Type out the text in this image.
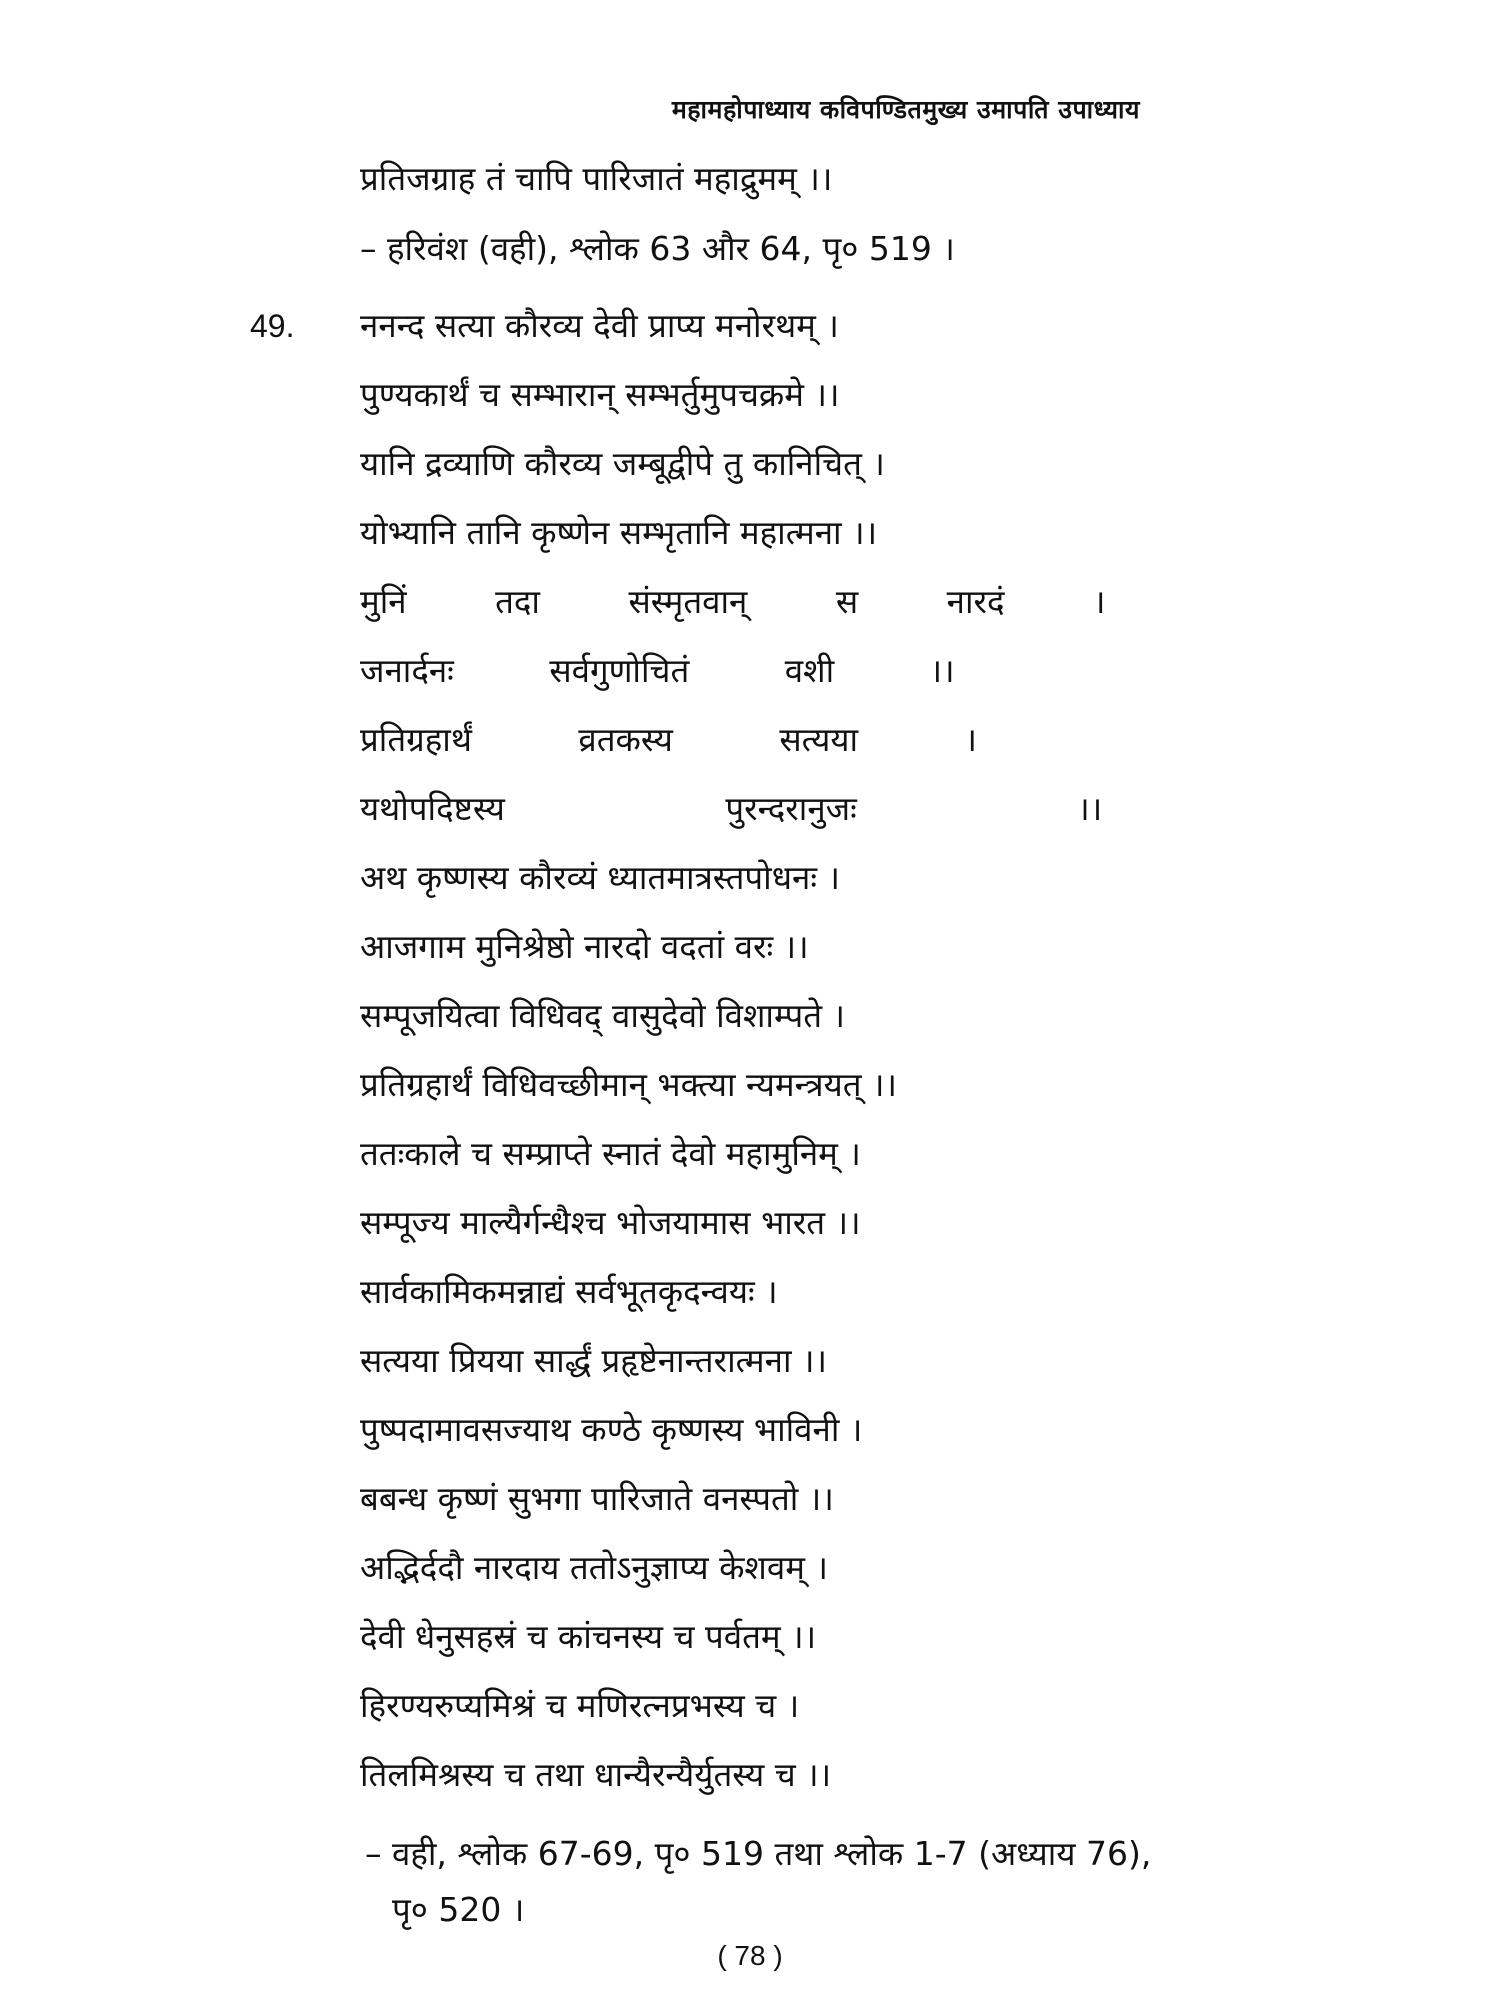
महामहोपाध्याय कविपण्डितमुख्य उमापति उपाध्याय
प्रतिजग्राह तं चापि पारिजातं महाद्रुमम् ।।
– हरिवंश (वही), श्लोक 63 और 64, पृ० 519 ।
49. ननन्द सत्या कौरव्य देवी प्राप्य मनोरथम् ।
पुण्यकार्थं च सम्भारान् सम्भर्तुमुपचक्रमे ।।
यानि द्रव्याणि कौरव्य जम्बूद्वीपे तु कानिचित् ।
योभ्यानि तानि कृष्णेन सम्भृतानि महात्मना ।।
मुनिं तदा संस्मृतवान् स नारदं ।
जनार्दनः सर्वगुणोचितं वशी ।।
प्रतिग्रहार्थं व्रतकस्य सत्यया ।
यथोपदिष्टस्य पुरन्दरानुजः ।।
अथ कृष्णस्य कौरव्यं ध्यातमात्रस्तपोधनः ।
आजगाम मुनिश्रेष्ठो नारदो वदतां वरः ।।
सम्पूजयित्वा विधिवद् वासुदेवो विशाम्पते ।
प्रतिग्रहार्थं विधिवच्छीमान् भक्त्या न्यमन्त्रयत् ।।
ततःकाले च सम्प्राप्ते स्नातं देवो महामुनिम् ।
सम्पूज्य माल्यैर्गन्धैश्च भोजयामास भारत ।।
सार्वकामिकमन्नाद्यं सर्वभूतकृदन्वयः ।
सत्यया प्रियया सार्द्धं प्रहृष्टेनान्तरात्मना ।।
पुष्पदामावसज्याथ कण्ठे कृष्णस्य भाविनी ।
बबन्ध कृष्णं सुभगा पारिजाते वनस्पतो ।।
अद्भिर्ददौ नारदाय ततोऽनुज्ञाप्य केशवम् ।
देवी धेनुसहस्रं च कांचनस्य च पर्वतम् ।।
हिरण्यरुप्यमिश्रं च मणिरत्नप्रभस्य च ।
तिलमिश्रस्य च तथा धान्यैरन्यैर्युतस्य च ।।
– वही, श्लोक 67-69, पृ० 519 तथा श्लोक 1-7 (अध्याय 76),
पृ० 520 ।
( 78 )
